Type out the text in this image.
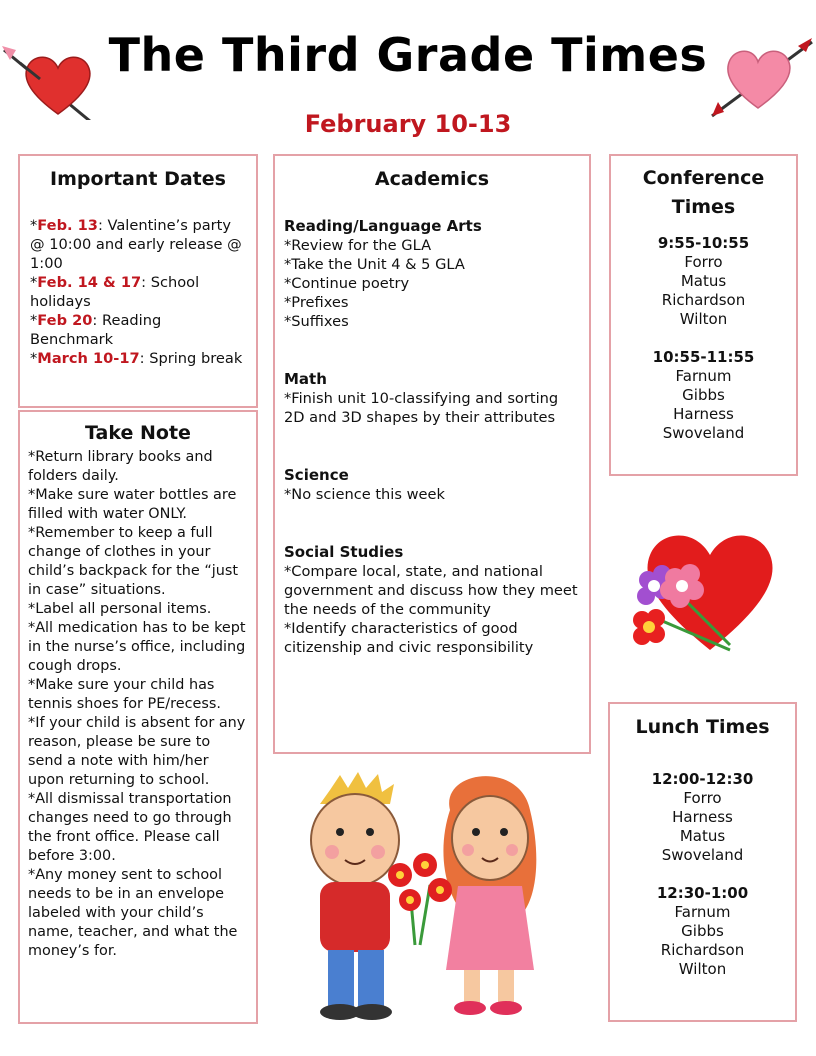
The Third Grade Times
February 10-13
Important Dates
*Feb. 13: Valentine’s party @ 10:00 and early release @ 1:00
*Feb. 14 & 17: School holidays
*Feb 20: Reading Benchmark
*March 10-17: Spring break
Take Note
*Return library books and folders daily.
*Make sure water bottles are filled with water ONLY.
*Remember to keep a full change of clothes in your child’s backpack for the “just in case” situations.
*Label all personal items.
*All medication has to be kept in the nurse’s office, including cough drops.
*Make sure your child has tennis shoes for PE/recess.
*If your child is absent for any reason, please be sure to send a note with him/her upon returning to school.
*All dismissal transportation changes need to go through the front office. Please call before 3:00.
*Any money sent to school needs to be in an envelope labeled with your child’s name, teacher, and what the money’s for.
Academics
Reading/Language Arts
*Review for the GLA
*Take the Unit 4 & 5 GLA
*Continue poetry
*Prefixes
*Suffixes
Math
*Finish unit 10-classifying and sorting 2D and 3D shapes by their attributes
Science
*No science this week
Social Studies
*Compare local, state, and national government and discuss how they meet the needs of the community
*Identify characteristics of good citizenship and civic responsibility
Conference Times
9:55-10:55
Forro
Matus
Richardson
Wilton
10:55-11:55
Farnum
Gibbs
Harness
Swoveland
Lunch Times
12:00-12:30
Forro
Harness
Matus
Swoveland
12:30-1:00
Farnum
Gibbs
Richardson
Wilton
